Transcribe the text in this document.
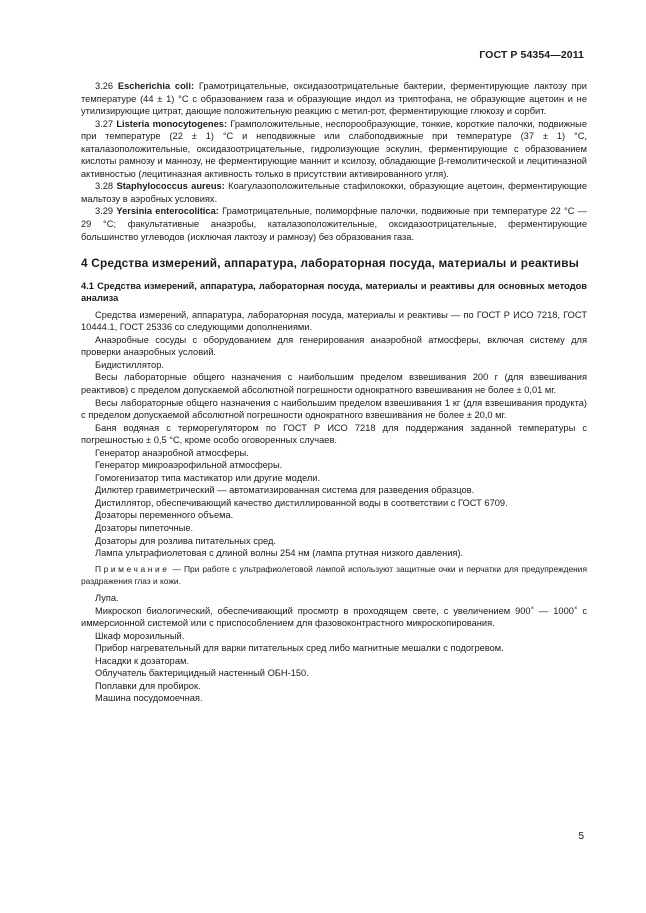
ГОСТ Р 54354—2011

3.26 Escherichia coli: Грамотрицательные, оксидазоотрицательные бактерии, ферментирующие лактозу при температуре (44 ± 1) °С с образованием газа и образующие индол из триптофана, не образующие ацетоин и не утилизирующие цитрат, дающие положительную реакцию с метил-рот, ферментирующие глюкозу и сорбит.

3.27 Listeria monocytogenes: Грамположительные, неспорообразующие, тонкие, короткие палочки, подвижные при температуре (22 ± 1) °С и неподвижные или слабоподвижные при температуре (37 ± 1) °С, каталазоположительные, оксидазоотрицательные, гидролизующие эскулин, ферментирующие с образованием кислоты рамнозу и маннозу, не ферментирующие маннит и ксилозу, обладающие β-гемолитической и лецитиназной активностью (лецитиназная активность только в присутствии активированного угля).

3.28 Staphylococcus aureus: Коагулазоположительные стафилококки, образующие ацетоин, ферментирующие мальтозу в аэробных условиях.

3.29 Yersinia enterocolitica: Грамотрицательные, полиморфные палочки, подвижные при температуре 22 °С — 29 °С; факультативные анаэробы, каталазоположительные, оксидазоотрицательные, ферментирующие большинство углеводов (исключая лактозу и рамнозу) без образования газа.

4 Средства измерений, аппаратура, лабораторная посуда, материалы и реактивы

4.1 Средства измерений, аппаратура, лабораторная посуда, материалы и реактивы для основных методов анализа

Средства измерений, аппаратура, лабораторная посуда, материалы и реактивы — по ГОСТ Р ИСО 7218, ГОСТ 10444.1, ГОСТ 25336 со следующими дополнениями.

Анаэробные сосуды с оборудованием для генерирования анаэробной атмосферы, включая систему для проверки анаэробных условий.

Бидистиллятор.

Весы лабораторные общего назначения с наибольшим пределом взвешивания 200 г (для взвешивания реактивов) с пределом допускаемой абсолютной погрешности однократного взвешивания не более ± 0,01 мг.

Весы лабораторные общего назначения с наибольшим пределом взвешивания 1 кг (для взвешивания продукта) с пределом допускаемой абсолютной погрешности однократного взвешивания не более ± 20,0 мг.

Баня водяная с терморегулятором по ГОСТ Р ИСО 7218 для поддержания заданной температуры с погрешностью ± 0,5 °С, кроме особо оговоренных случаев.

Генератор анаэробной атмосферы.

Генератор микроаэрофильной атмосферы.

Гомогенизатор типа мастикатор или другие модели.

Дилютер гравиметрический — автоматизированная система для разведения образцов.

Дистиллятор, обеспечивающий качество дистиллированной воды в соответствии с ГОСТ 6709.

Дозаторы переменного объема.

Дозаторы пипеточные.

Дозаторы для розлива питательных сред.

Лампа ультрафиолетовая с длиной волны 254 нм (лампа ртутная низкого давления).

Примечание — При работе с ультрафиолетовой лампой используют защитные очки и перчатки для предупреждения раздражения глаз и кожи.

Лупа.

Микроскоп биологический, обеспечивающий просмотр в проходящем свете, с увеличением 900× — 1000× с иммерсионной системой или с приспособлением для фазовоконтрастного микроскопирования.

Шкаф морозильный.

Прибор нагревательный для варки питательных сред либо магнитные мешалки с подогревом.

Насадки к дозаторам.

Облучатель бактерицидный настенный ОБН-150.

Поплавки для пробирок.

Машина посудомоечная.

5
